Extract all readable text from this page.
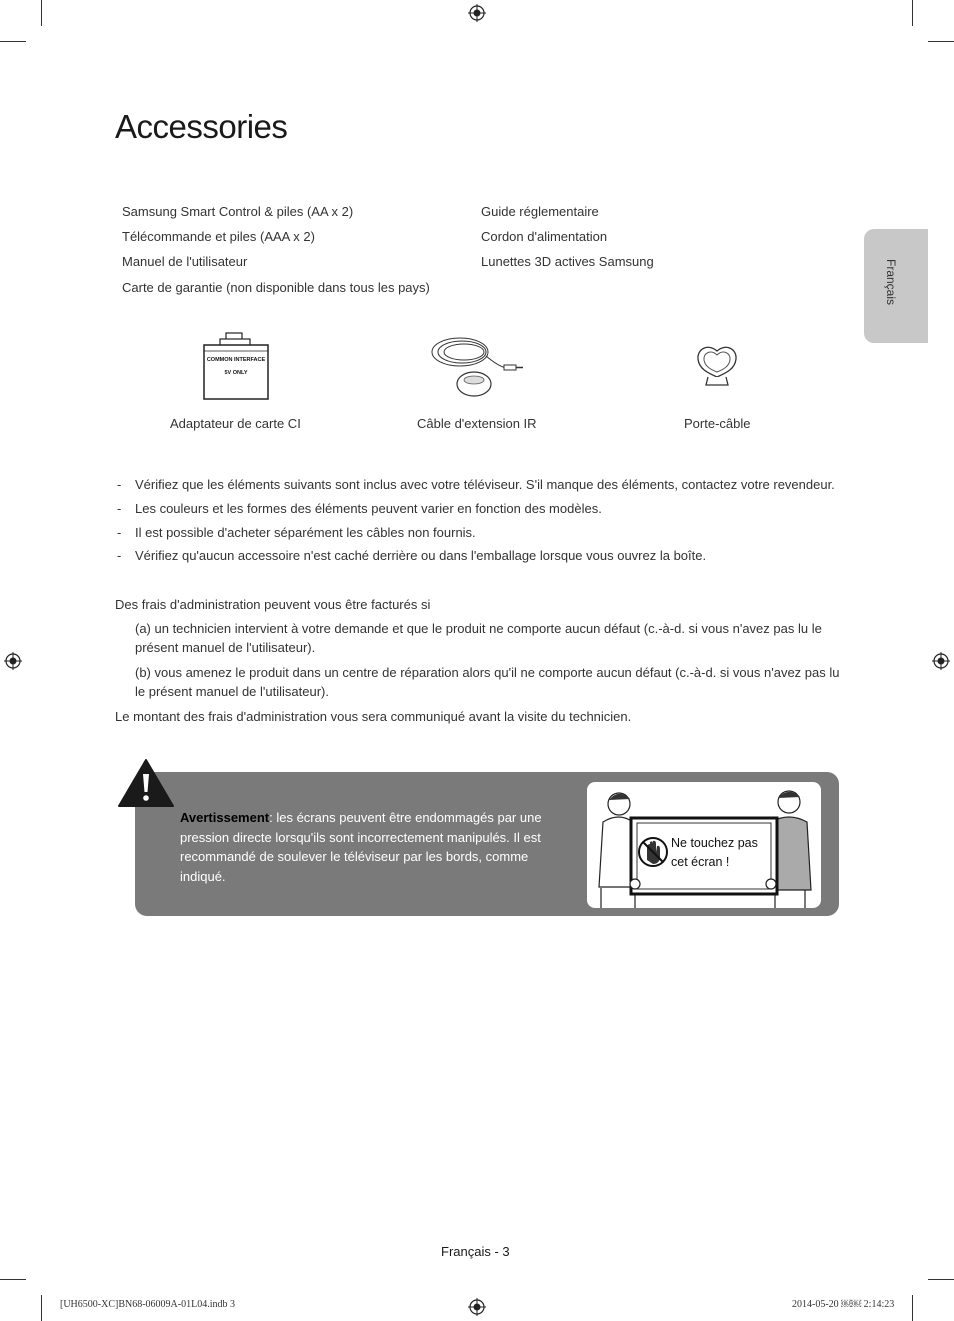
Accessories
Français
Samsung Smart Control & piles (AA x 2)
Télécommande et piles (AAA x 2)
Manuel de l'utilisateur
Carte de garantie (non disponible dans tous les pays)
Guide réglementaire
Cordon d'alimentation
Lunettes 3D actives Samsung
COMMON INTERFACE
5V ONLY
Adaptateur de carte CI	Câble d'extension IR	Porte-câble
- Vérifiez que les éléments suivants sont inclus avec votre téléviseur. S'il manque des éléments, contactez votre revendeur.
- Les couleurs et les formes des éléments peuvent varier en fonction des modèles.
- Il est possible d'acheter séparément les câbles non fournis.
- Vérifiez qu'aucun accessoire n'est caché derrière ou dans l'emballage lorsque vous ouvrez la boîte.
Des frais d'administration peuvent vous être facturés si
(a) un technicien intervient à votre demande et que le produit ne comporte aucun défaut (c.-à-d. si vous n'avez pas lu le présent manuel de l'utilisateur).
(b) vous amenez le produit dans un centre de réparation alors qu'il ne comporte aucun défaut (c.-à-d. si vous n'avez pas lu le présent manuel de l'utilisateur).
Le montant des frais d'administration vous sera communiqué avant la visite du technicien.
Avertissement: les écrans peuvent être endommagés par une pression directe lorsqu'ils sont incorrectement manipulés. Il est recommandé de soulever le téléviseur par les bords, comme indiqué.
Ne touchez pas
cet écran !
Français - 3
[UH6500-XC]BN68-06009A-01L04.indb 3	2014-05-20 ￼￼ 2:14:23
